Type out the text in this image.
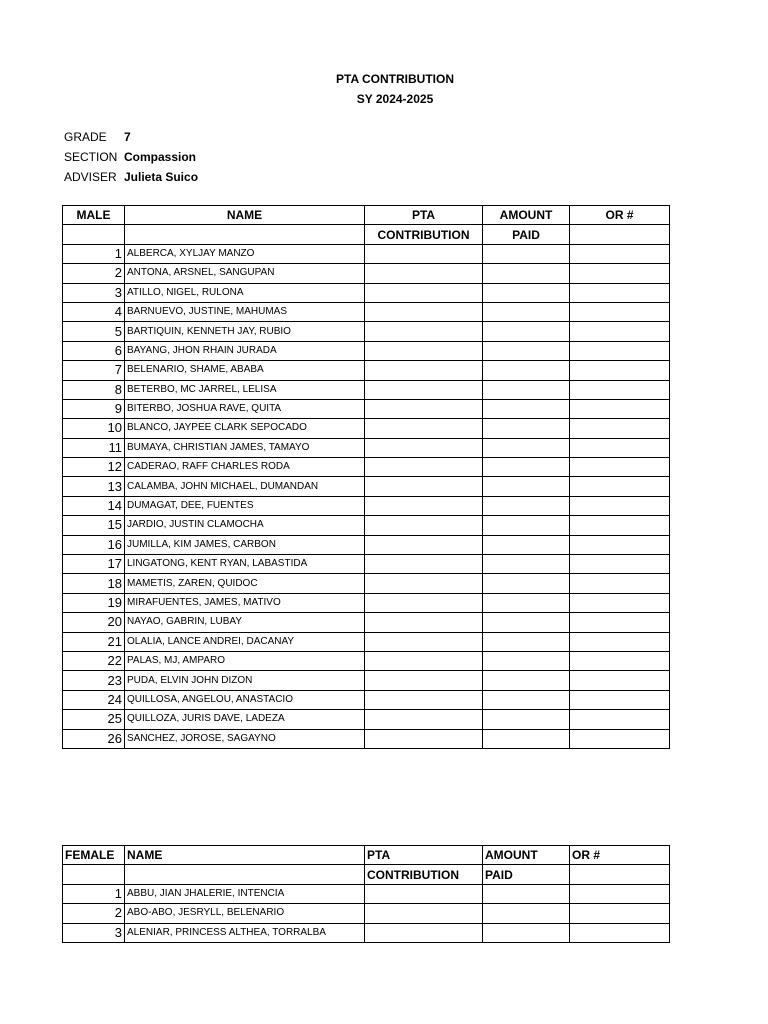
PTA CONTRIBUTION
SY 2024-2025
GRADE 7
SECTION Compassion
ADVISER Julieta Suico
MALE	NAME	PTA	AMOUNT	OR #
		CONTRIBUTION	PAID	
1	ALBERCA, XYLJAY MANZO			
2	ANTONA, ARSNEL, SANGUPAN			
3	ATILLO, NIGEL, RULONA			
4	BARNUEVO, JUSTINE, MAHUMAS			
5	BARTIQUIN, KENNETH JAY, RUBIO			
6	BAYANG, JHON RHAIN JURADA			
7	BELENARIO, SHAME, ABABA			
8	BETERBO, MC JARREL, LELISA			
9	BITERBO, JOSHUA RAVE, QUITA			
10	BLANCO, JAYPEE CLARK SEPOCADO			
11	BUMAYA, CHRISTIAN JAMES, TAMAYO			
12	CADERAO, RAFF CHARLES RODA			
13	CALAMBA, JOHN MICHAEL, DUMANDAN			
14	DUMAGAT, DEE, FUENTES			
15	JARDIO, JUSTIN CLAMOCHA			
16	JUMILLA, KIM JAMES, CARBON			
17	LINGATONG, KENT RYAN, LABASTIDA			
18	MAMETIS, ZAREN, QUIDOC			
19	MIRAFUENTES, JAMES, MATIVO			
20	NAYAO, GABRIN, LUBAY			
21	OLALIA, LANCE ANDREI, DACANAY			
22	PALAS, MJ, AMPARO			
23	PUDA, ELVIN JOHN DIZON			
24	QUILLOSA, ANGELOU, ANASTACIO			
25	QUILLOZA, JURIS DAVE, LADEZA			
26	SANCHEZ, JOROSE, SAGAYNO			
FEMALE	NAME	PTA	AMOUNT	OR #
		CONTRIBUTION	PAID	
1	ABBU, JIAN JHALERIE, INTENCIA			
2	ABO-ABO, JESRYLL, BELENARIO			
3	ALENIAR, PRINCESS ALTHEA, TORRALBA			
